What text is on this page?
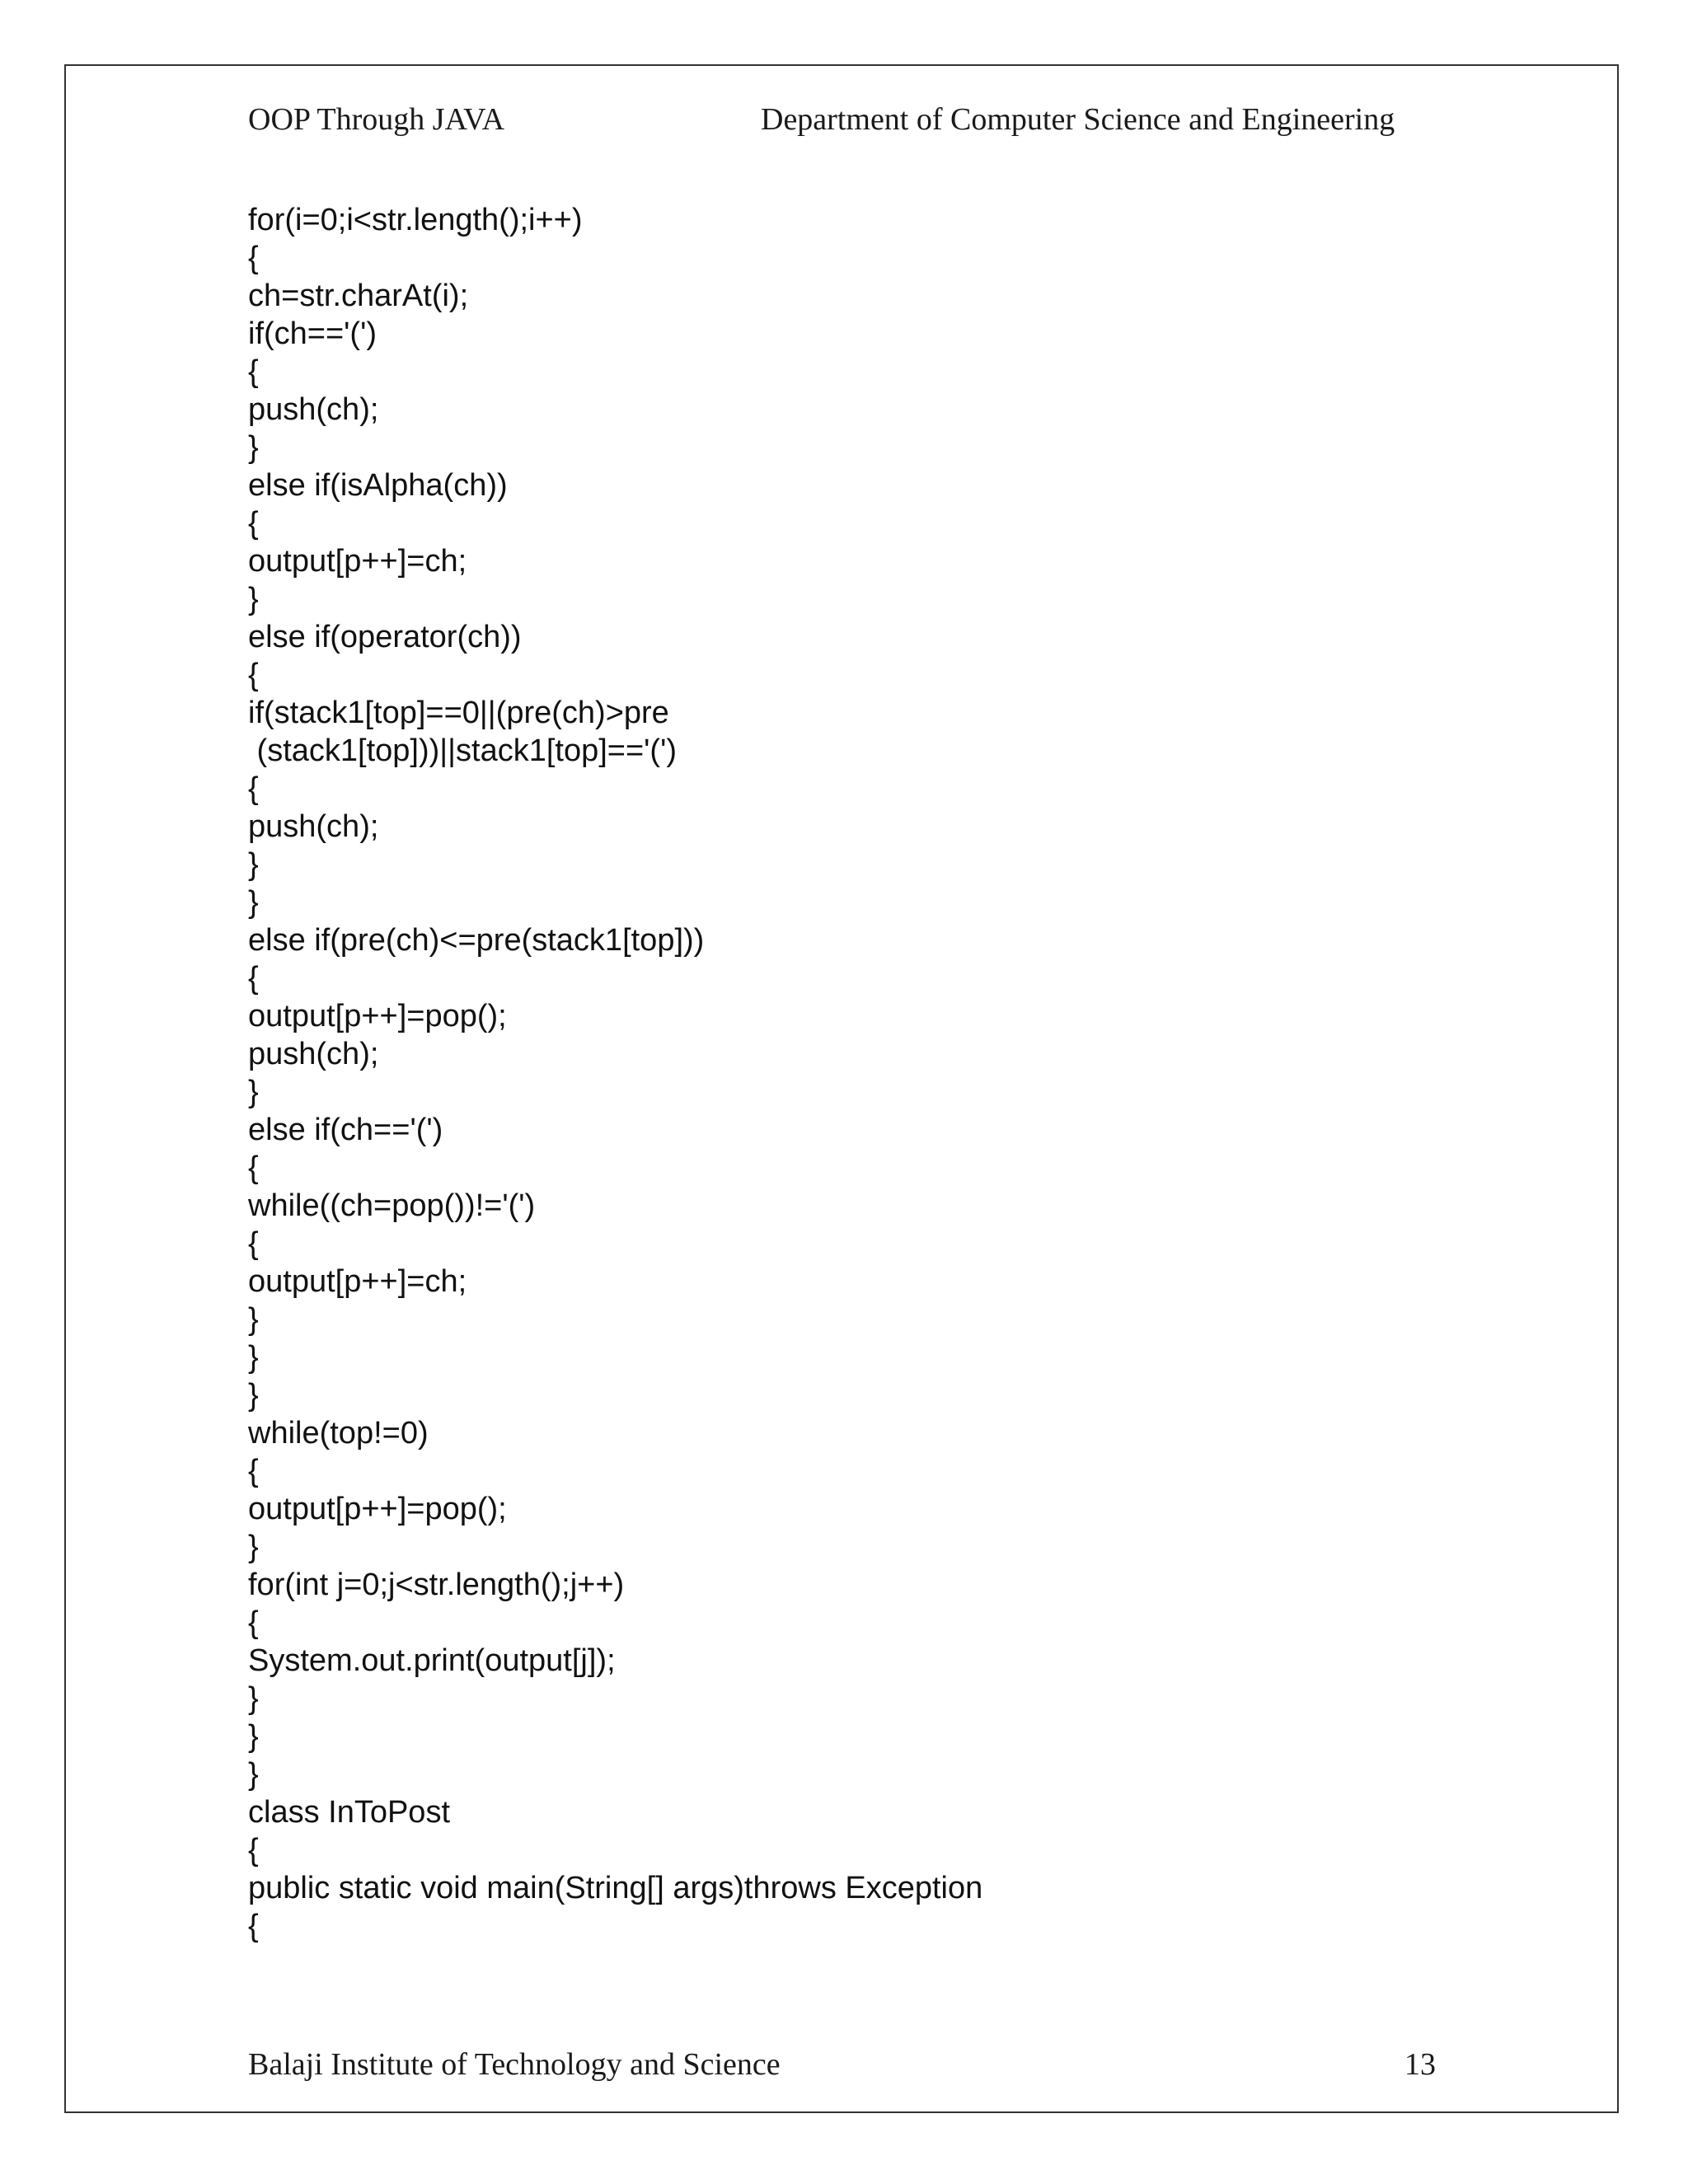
OOP Through JAVA	Department of Computer Science and Engineering
for(i=0;i<str.length();i++)
{
ch=str.charAt(i);
if(ch=='(')
{
push(ch);
}
else if(isAlpha(ch))
{
output[p++]=ch;
}
else if(operator(ch))
{
if(stack1[top]==0||(pre(ch)>pre
(stack1[top]))||stack1[top]=='(')
{
push(ch);
}
}
else if(pre(ch)<=pre(stack1[top]))
{
output[p++]=pop();
push(ch);
}
else if(ch=='(')
{
while((ch=pop())!='(')
{
output[p++]=ch;
}
}
}
while(top!=0)
{
output[p++]=pop();
}
for(int j=0;j<str.length();j++)
{
System.out.print(output[j]);
}
}
}
class InToPost
{
public static void main(String[] args)throws Exception
{
Balaji Institute of Technology and Science	13
